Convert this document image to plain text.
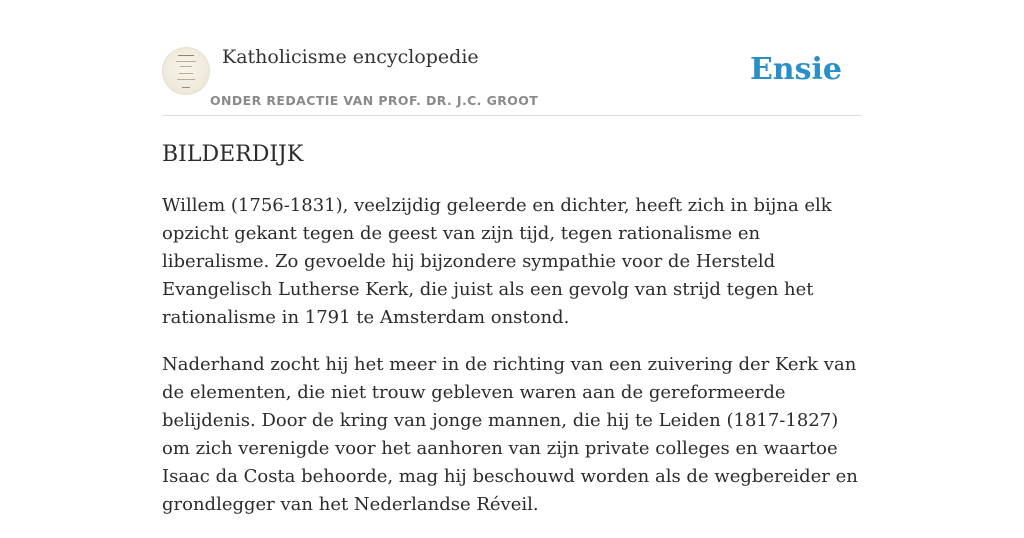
Katholicisme encyclopedie
ONDER REDACTIE VAN PROF. DR. J.C. GROOT
Ensie
BILDERDIJK

Willem (1756-1831), veelzijdig geleerde en dichter, heeft zich in bijna elk opzicht gekant tegen de geest van zijn tijd, tegen rationalisme en liberalisme. Zo gevoelde hij bijzondere sympathie voor de Hersteld Evangelisch Lutherse Kerk, die juist als een gevolg van strijd tegen het rationalisme in 1791 te Amsterdam onstond.

Naderhand zocht hij het meer in de richting van een zuivering der Kerk van de elementen, die niet trouw gebleven waren aan de gereformeerde belijdenis. Door de kring van jonge mannen, die hij te Leiden (1817-1827) om zich verenigde voor het aanhoren van zijn private colleges en waartoe Isaac da Costa behoorde, mag hij beschouwd worden als de wegbereider en grondlegger van het Nederlandse Réveil.
